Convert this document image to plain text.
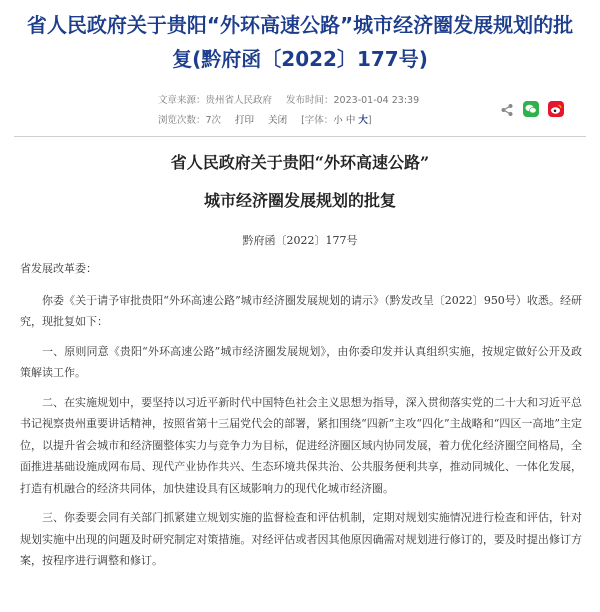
省人民政府关于贵阳“外环高速公路”城市经济圈发展规划的批复(黔府函〔2022〕177号)
文章来源：贵州省人民政府 发布时间：2023-01-04 23:39
浏览次数：7次 打印 关闭 [字体：小 中 大]

省人民政府关于贵阳“外环高速公路”
城市经济圈发展规划的批复
黔府函〔2022〕177号

省发展改革委：

你委《关于请予审批贵阳“外环高速公路”城市经济圈发展规划的请示》（黔发改呈〔2022〕950号）收悉。经研究，现批复如下：

一、原则同意《贵阳“外环高速公路”城市经济圈发展规划》，由你委印发并认真组织实施，按规定做好公开及政策解读工作。

二、在实施规划中，要坚持以习近平新时代中国特色社会主义思想为指导，深入贯彻落实党的二十大和习近平总书记视察贵州重要讲话精神，按照省第十三届党代会的部署，紧扣围绕“四新”主攻“四化”主战略和“四区一高地”主定位，以提升省会城市和经济圈整体实力与竞争力为目标，促进经济圈区域内协同发展，着力优化经济圈空间格局，全面推进基础设施成网布局、现代产业协作共兴、生态环境共保共治、公共服务便利共享，推动同城化、一体化发展，打造有机融合的经济共同体，加快建设具有区域影响力的现代化城市经济圈。

三、你委要会同有关部门抓紧建立规划实施的监督检查和评估机制，定期对规划实施情况进行检查和评估，针对规划实施中出现的问题及时研究制定对策措施。对经评估或者因其他原因确需对规划进行修订的，要及时提出修订方案，按程序进行调整和修订。
